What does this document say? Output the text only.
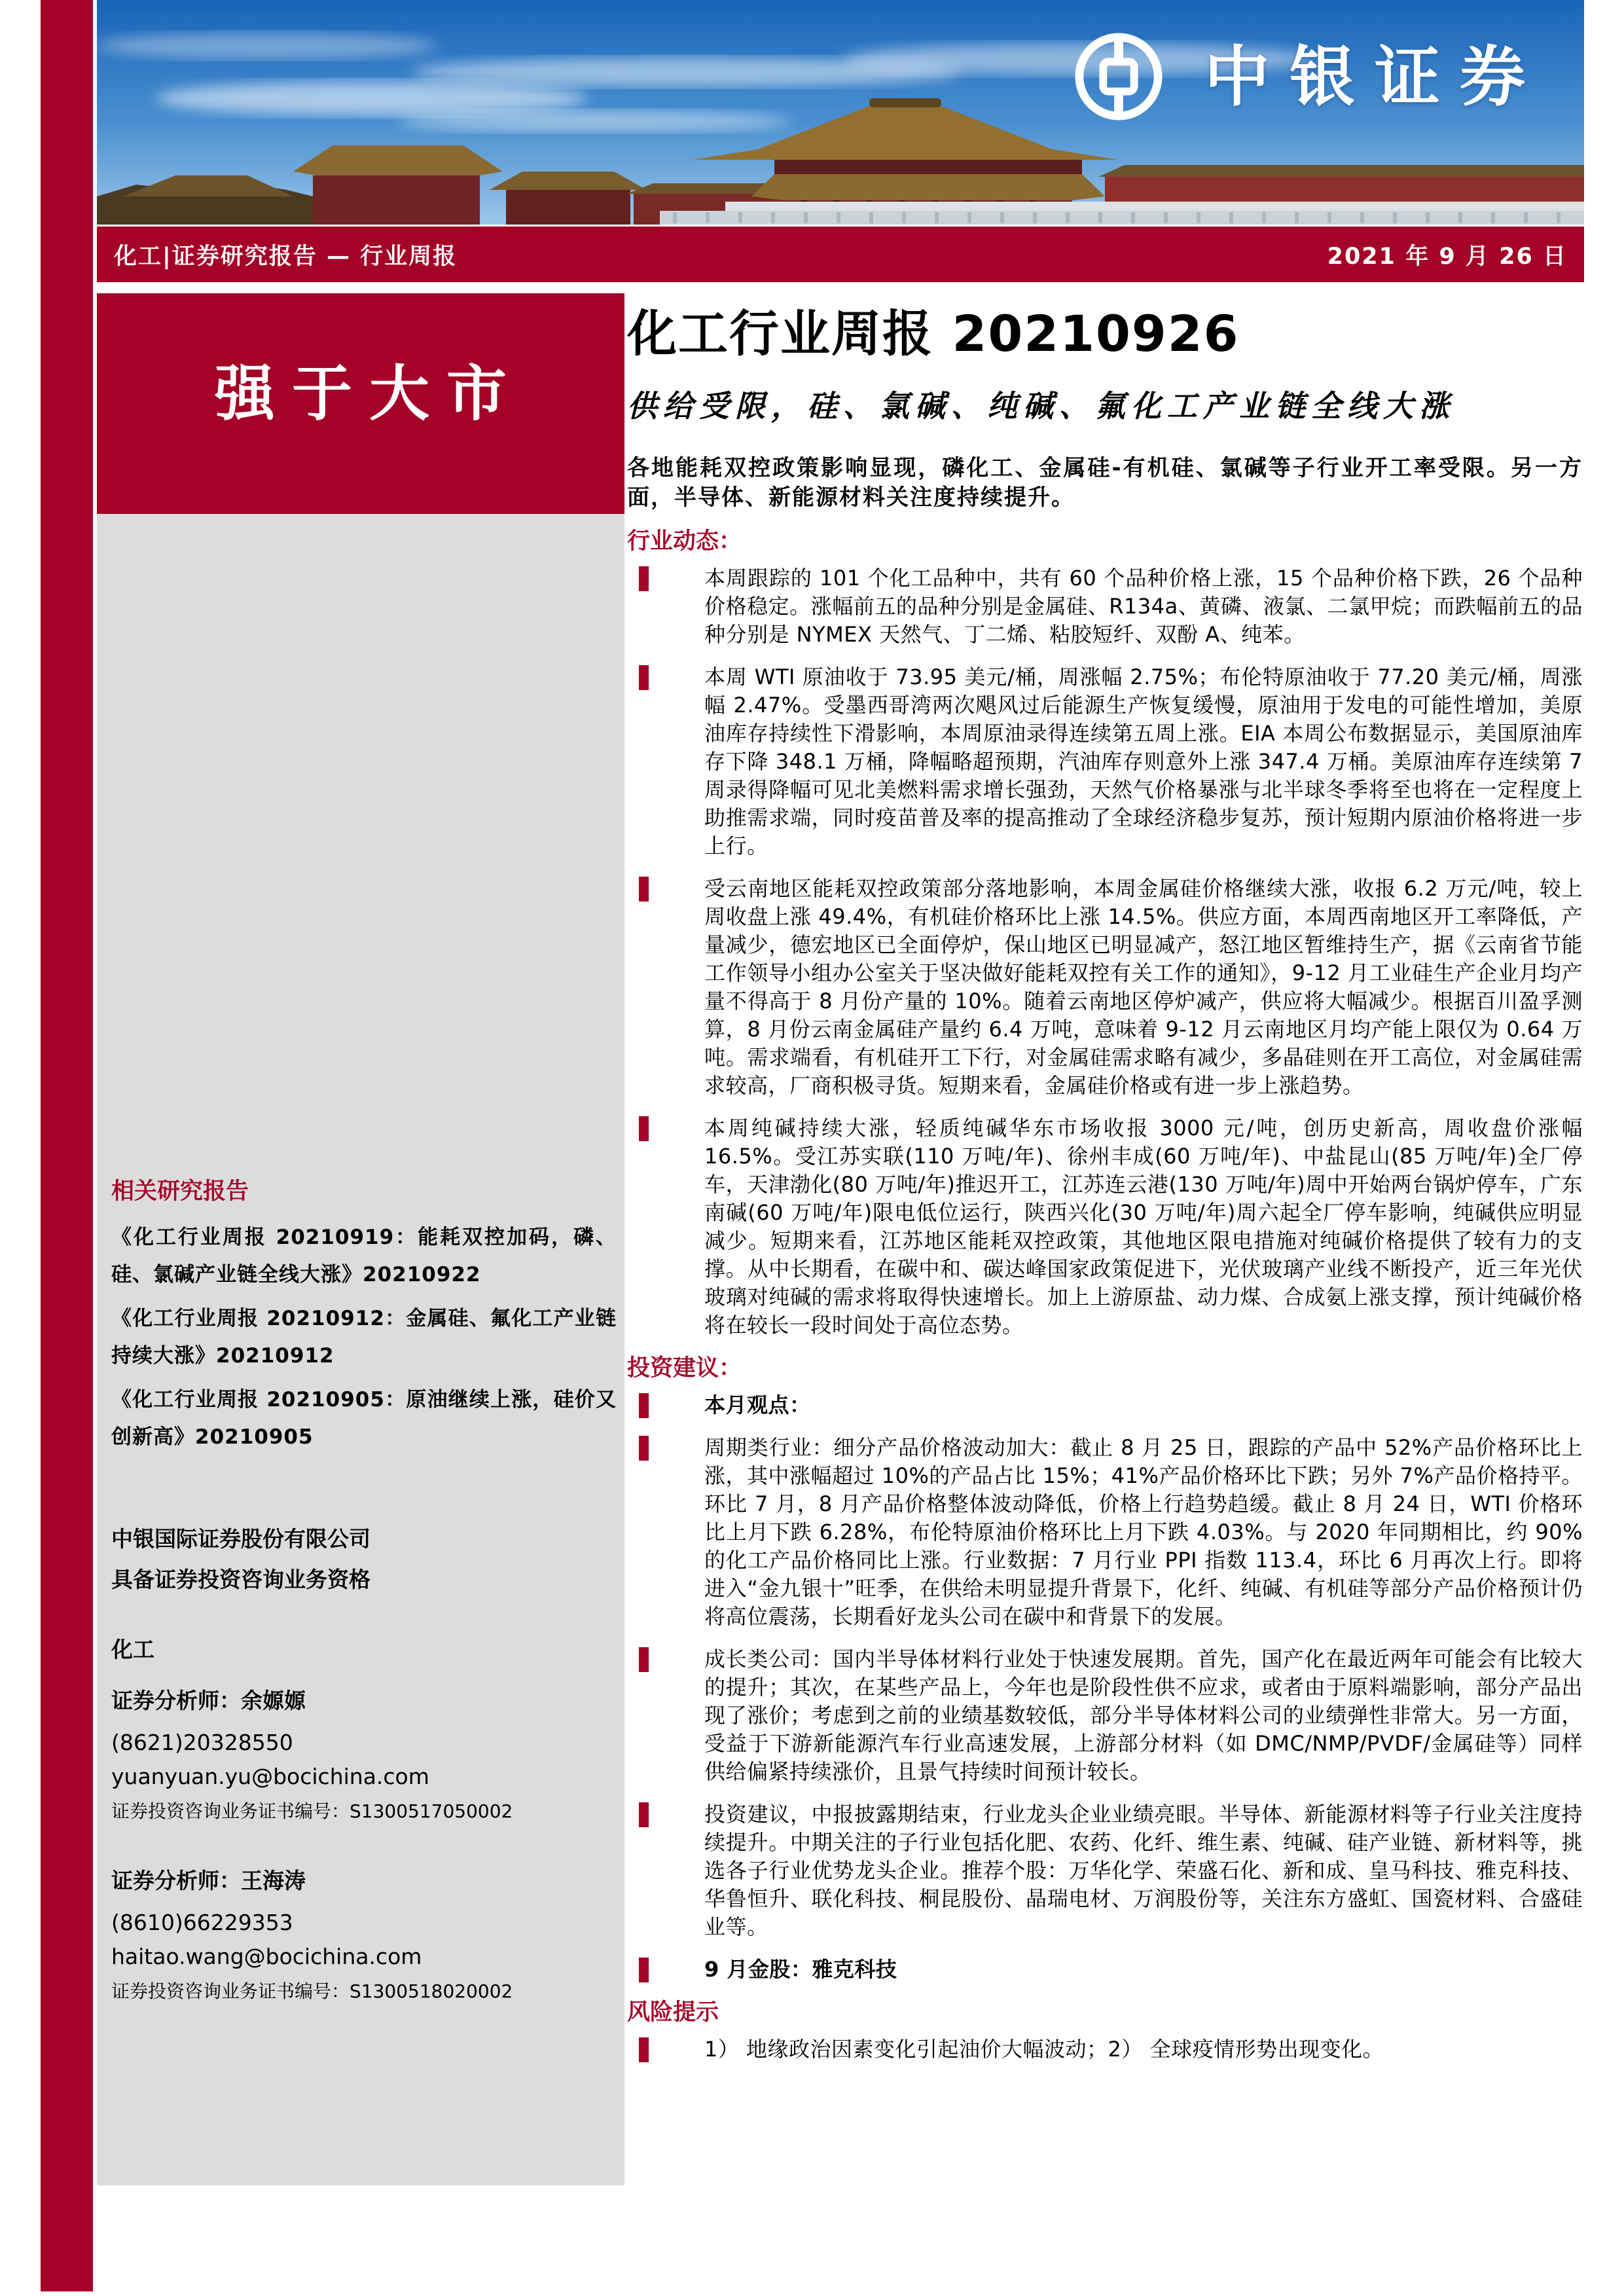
中银证券
化工|证券研究报告 — 行业周报	2021 年 9 月 26 日
强于大市
相关研究报告

《化工行业周报 20210919：能耗双控加码，磷、硅、氯碱产业链全线大涨》20210922

《化工行业周报 20210912：金属硅、氟化工产业链持续大涨》20210912

《化工行业周报 20210905：原油继续上涨，硅价又创新高》20210905

中银国际证券股份有限公司

具备证券投资咨询业务资格

化工

证券分析师：余嫄嫄

(8621)20328550

yuanyuan.yu@bocichina.com

证券投资咨询业务证书编号：S1300517050002

证券分析师：王海涛

(8610)66229353

haitao.wang@bocichina.com

证券投资咨询业务证书编号：S1300518020002

化工行业周报 20210926
供给受限，硅、氯碱、纯碱、氟化工产业链全线大涨

各地能耗双控政策影响显现，磷化工、金属硅-有机硅、氯碱等子行业开工率受限。另一方面，半导体、新能源材料关注度持续提升。

行业动态：

本周跟踪的 101 个化工品种中，共有 60 个品种价格上涨，15 个品种价格下跌，26 个品种价格稳定。涨幅前五的品种分别是金属硅、R134a、黄磷、液氯、二氯甲烷；而跌幅前五的品种分别是 NYMEX 天然气、丁二烯、粘胶短纤、双酚 A、纯苯。

本周 WTI 原油收于 73.95 美元/桶，周涨幅 2.75%；布伦特原油收于 77.20 美元/桶，周涨幅 2.47%。受墨西哥湾两次飓风过后能源生产恢复缓慢，原油用于发电的可能性增加，美原油库存持续性下滑影响，本周原油录得连续第五周上涨。EIA 本周公布数据显示，美国原油库存下降 348.1 万桶，降幅略超预期，汽油库存则意外上涨 347.4 万桶。美原油库存连续第 7 周录得降幅可见北美燃料需求增长强劲，天然气价格暴涨与北半球冬季将至也将在一定程度上助推需求端，同时疫苗普及率的提高推动了全球经济稳步复苏，预计短期内原油价格将进一步上行。

受云南地区能耗双控政策部分落地影响，本周金属硅价格继续大涨，收报 6.2 万元/吨，较上周收盘上涨 49.4%，有机硅价格环比上涨 14.5%。供应方面，本周西南地区开工率降低，产量减少，德宏地区已全面停炉，保山地区已明显减产，怒江地区暂维持生产，据《云南省节能工作领导小组办公室关于坚决做好能耗双控有关工作的通知》，9-12 月工业硅生产企业月均产量不得高于 8 月份产量的 10%。随着云南地区停炉减产，供应将大幅减少。根据百川盈孚测算，8 月份云南金属硅产量约 6.4 万吨，意味着 9-12 月云南地区月均产能上限仅为 0.64 万吨。需求端看，有机硅开工下行，对金属硅需求略有减少，多晶硅则在开工高位，对金属硅需求较高，厂商积极寻货。短期来看，金属硅价格或有进一步上涨趋势。

本周纯碱持续大涨，轻质纯碱华东市场收报 3000 元/吨，创历史新高，周收盘价涨幅 16.5%。受江苏实联(110 万吨/年)、徐州丰成(60 万吨/年)、中盐昆山(85 万吨/年)全厂停车，天津渤化(80 万吨/年)推迟开工，江苏连云港(130 万吨/年)周中开始两台锅炉停车，广东南碱(60 万吨/年)限电低位运行，陕西兴化(30 万吨/年)周六起全厂停车影响，纯碱供应明显减少。短期来看，江苏地区能耗双控政策，其他地区限电措施对纯碱价格提供了较有力的支撑。从中长期看，在碳中和、碳达峰国家政策促进下，光伏玻璃产业线不断投产，近三年光伏玻璃对纯碱的需求将取得快速增长。加上上游原盐、动力煤、合成氨上涨支撑，预计纯碱价格将在较长一段时间处于高位态势。

投资建议：

本月观点：

周期类行业：细分产品价格波动加大：截止 8 月 25 日，跟踪的产品中 52%产品价格环比上涨，其中涨幅超过 10%的产品占比 15%；41%产品价格环比下跌；另外 7%产品价格持平。环比 7 月，8 月产品价格整体波动降低，价格上行趋势趋缓。截止 8 月 24 日，WTI 价格环比上月下跌 6.28%，布伦特原油价格环比上月下跌 4.03%。与 2020 年同期相比，约 90%的化工产品价格同比上涨。行业数据：7 月行业 PPI 指数 113.4，环比 6 月再次上行。即将进入“金九银十”旺季，在供给未明显提升背景下，化纤、纯碱、有机硅等部分产品价格预计仍将高位震荡，长期看好龙头公司在碳中和背景下的发展。

成长类公司：国内半导体材料行业处于快速发展期。首先，国产化在最近两年可能会有比较大的提升；其次，在某些产品上，今年也是阶段性供不应求，或者由于原料端影响，部分产品出现了涨价；考虑到之前的业绩基数较低，部分半导体材料公司的业绩弹性非常大。另一方面，受益于下游新能源汽车行业高速发展，上游部分材料（如 DMC/NMP/PVDF/金属硅等）同样供给偏紧持续涨价，且景气持续时间预计较长。

投资建议，中报披露期结束，行业龙头企业业绩亮眼。半导体、新能源材料等子行业关注度持续提升。中期关注的子行业包括化肥、农药、化纤、维生素、纯碱、硅产业链、新材料等，挑选各子行业优势龙头企业。推荐个股：万华化学、荣盛石化、新和成、皇马科技、雅克科技、华鲁恒升、联化科技、桐昆股份、晶瑞电材、万润股份等，关注东方盛虹、国瓷材料、合盛硅业等。

9 月金股：雅克科技

风险提示

1） 地缘政治因素变化引起油价大幅波动；2） 全球疫情形势出现变化。
